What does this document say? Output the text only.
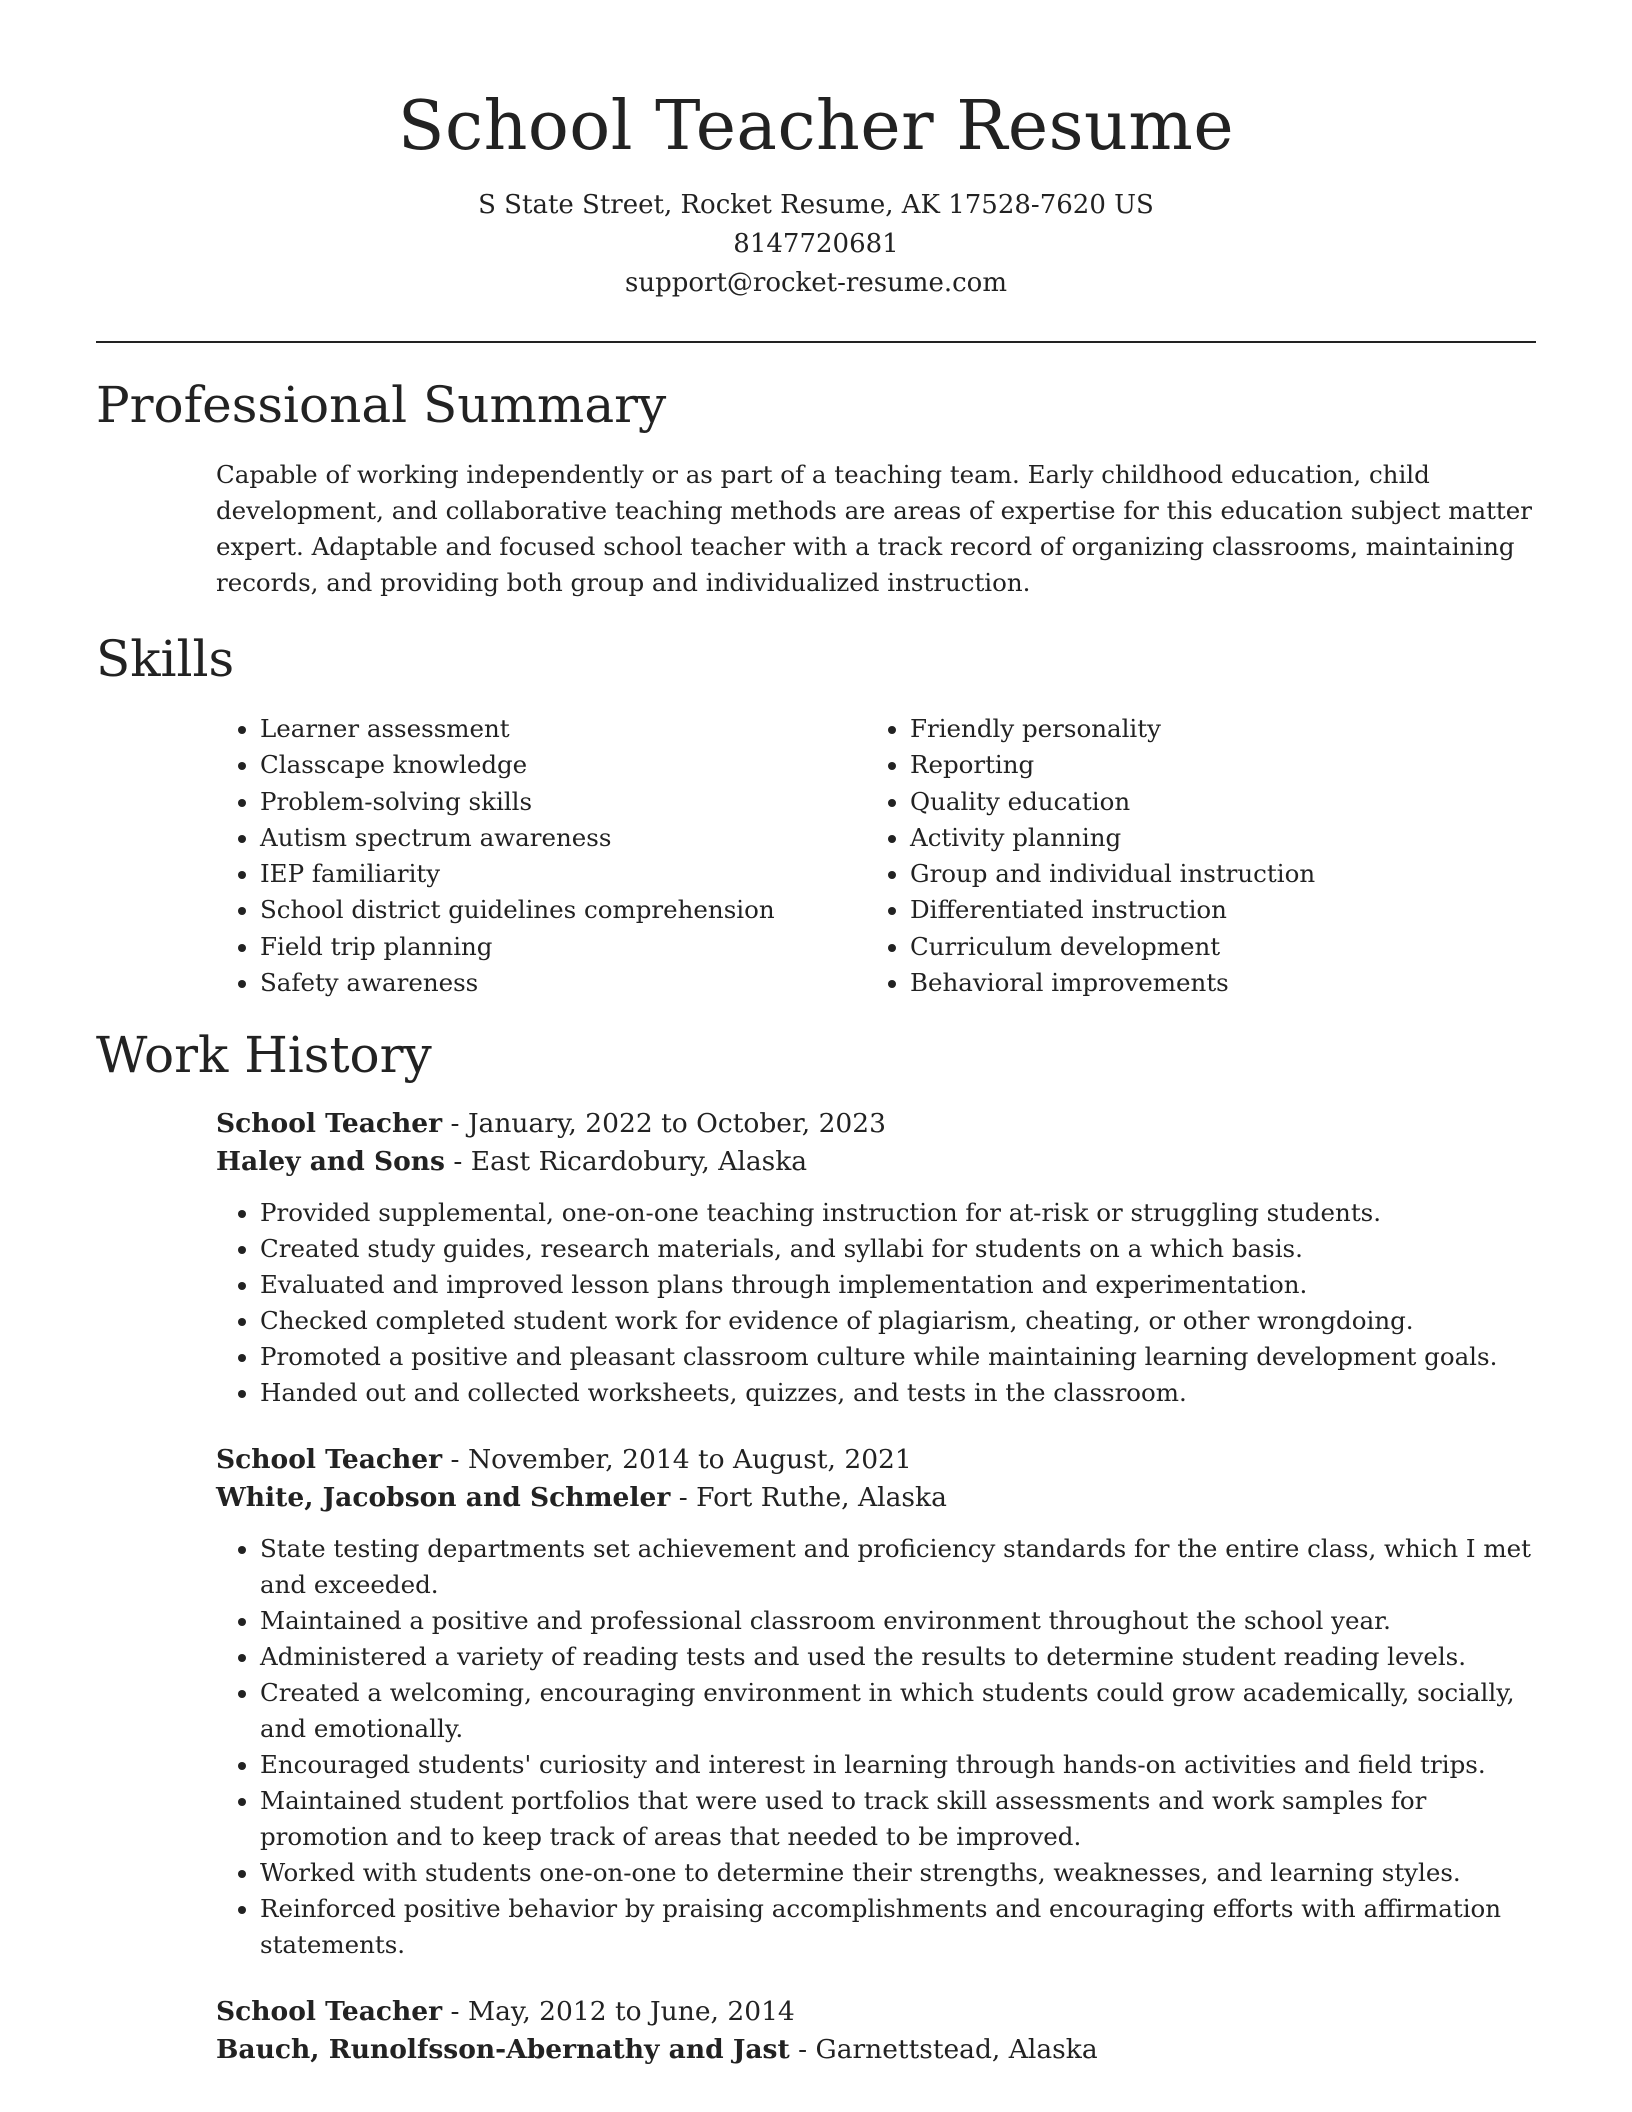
School Teacher Resume
S State Street, Rocket Resume, AK 17528-7620 US
8147720681
support@rocket-resume.com
Professional Summary

Capable of working independently or as part of a teaching team. Early childhood education, child development, and collaborative teaching methods are areas of expertise for this education subject matter expert. Adaptable and focused school teacher with a track record of organizing classrooms, maintaining records, and providing both group and individualized instruction.

Skills
• Learner assessment
• Classcape knowledge
• Problem-solving skills
• Autism spectrum awareness
• IEP familiarity
• School district guidelines comprehension
• Field trip planning
• Safety awareness
• Friendly personality
• Reporting
• Quality education
• Activity planning
• Group and individual instruction
• Differentiated instruction
• Curriculum development
• Behavioral improvements
Work History
School Teacher - January, 2022 to October, 2023
Haley and Sons - East Ricardobury, Alaska
• Provided supplemental, one-on-one teaching instruction for at-risk or struggling students.
• Created study guides, research materials, and syllabi for students on a which basis.
• Evaluated and improved lesson plans through implementation and experimentation.
• Checked completed student work for evidence of plagiarism, cheating, or other wrongdoing.
• Promoted a positive and pleasant classroom culture while maintaining learning development goals.
• Handed out and collected worksheets, quizzes, and tests in the classroom.
School Teacher - November, 2014 to August, 2021
White, Jacobson and Schmeler - Fort Ruthe, Alaska
• State testing departments set achievement and proficiency standards for the entire class, which I met and exceeded.
• Maintained a positive and professional classroom environment throughout the school year.
• Administered a variety of reading tests and used the results to determine student reading levels.
• Created a welcoming, encouraging environment in which students could grow academically, socially, and emotionally.
• Encouraged students' curiosity and interest in learning through hands-on activities and field trips.
• Maintained student portfolios that were used to track skill assessments and work samples for promotion and to keep track of areas that needed to be improved.
• Worked with students one-on-one to determine their strengths, weaknesses, and learning styles.
• Reinforced positive behavior by praising accomplishments and encouraging efforts with affirmation statements.
School Teacher - May, 2012 to June, 2014
Bauch, Runolfsson-Abernathy and Jast - Garnettstead, Alaska
